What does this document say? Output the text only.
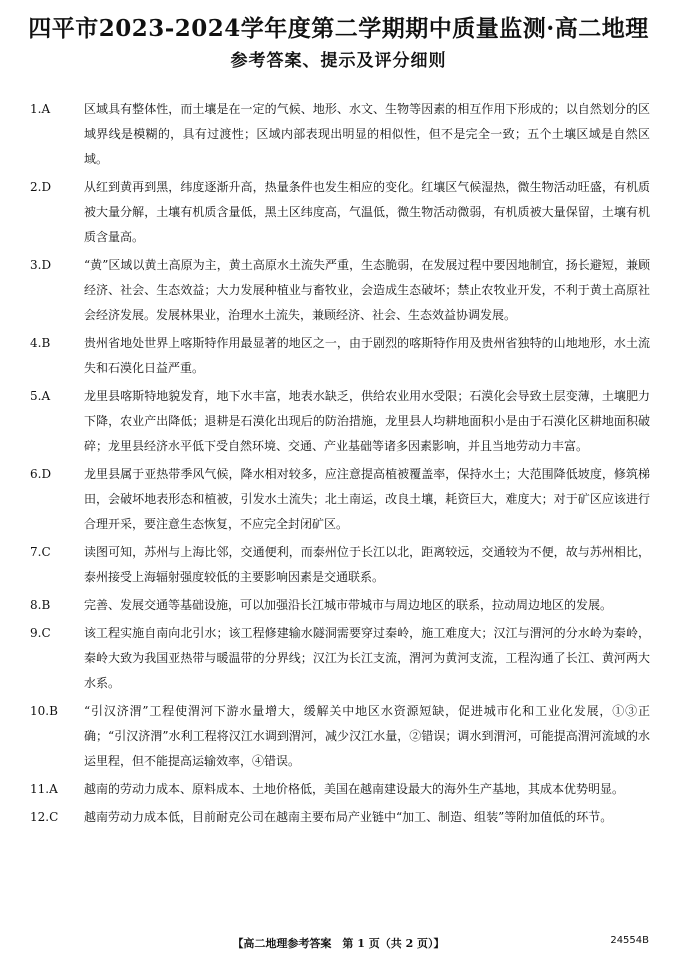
四平市2023-2024学年度第二学期期中质量监测·高二地理
参考答案、提示及评分细则
1.A	区域具有整体性，而土壤是在一定的气候、地形、水文、生物等因素的相互作用下形成的；以自然划分的区域界线是模糊的，具有过渡性；区域内部表现出明显的相似性，但不是完全一致；五个土壤区域是自然区域。
2.D	从红到黄再到黑，纬度逐渐升高，热量条件也发生相应的变化。红壤区气候湿热，微生物活动旺盛，有机质被大量分解，土壤有机质含量低，黑土区纬度高，气温低，微生物活动微弱，有机质被大量保留，土壤有机质含量高。
3.D	“黄”区域以黄土高原为主，黄土高原水土流失严重，生态脆弱，在发展过程中要因地制宜，扬长避短，兼顾经济、社会、生态效益；大力发展种植业与畜牧业，会造成生态破坏；禁止农牧业开发，不利于黄土高原社会经济发展。发展林果业，治理水土流失，兼顾经济、社会、生态效益协调发展。
4.B	贵州省地处世界上喀斯特作用最显著的地区之一，由于剧烈的喀斯特作用及贵州省独特的山地地形，水土流失和石漠化日益严重。
5.A	龙里县喀斯特地貌发育，地下水丰富，地表水缺乏，供给农业用水受限；石漠化会导致土层变薄，土壤肥力下降，农业产出降低；退耕是石漠化出现后的防治措施，龙里县人均耕地面积小是由于石漠化区耕地面积破碎；龙里县经济水平低下受自然环境、交通、产业基础等诸多因素影响，并且当地劳动力丰富。
6.D	龙里县属于亚热带季风气候，降水相对较多，应注意提高植被覆盖率，保持水土；大范围降低坡度，修筑梯田，会破坏地表形态和植被，引发水土流失；北土南运，改良土壤，耗资巨大，难度大；对于矿区应该进行合理开采，要注意生态恢复，不应完全封闭矿区。
7.C	读图可知，苏州与上海比邻，交通便利，而泰州位于长江以北，距离较远，交通较为不便，故与苏州相比，泰州接受上海辐射强度较低的主要影响因素是交通联系。
8.B	完善、发展交通等基础设施，可以加强沿长江城市带城市与周边地区的联系，拉动周边地区的发展。
9.C	该工程实施自南向北引水；该工程修建输水隧洞需要穿过秦岭，施工难度大；汉江与渭河的分水岭为秦岭，秦岭大致为我国亚热带与暖温带的分界线；汉江为长江支流，渭河为黄河支流，工程沟通了长江、黄河两大水系。
10.B “引汉济渭”工程使渭河下游水量增大，缓解关中地区水资源短缺，促进城市化和工业化发展，①③正确；“引汉济渭”水利工程将汉江水调到渭河，减少汉江水量，②错误；调水到渭河，可能提高渭河流域的水运里程，但不能提高运输效率，④错误。
11.A 越南的劳动力成本、原料成本、土地价格低，美国在越南建设最大的海外生产基地，其成本优势明显。
12.C 越南劳动力成本低，目前耐克公司在越南主要布局产业链中“加工、制造、组装”等附加值低的环节。
【高二地理参考答案　第 1 页（共 2 页）】	24554B
